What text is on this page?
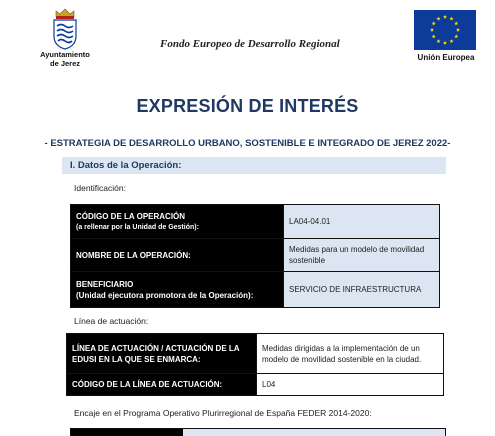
Ayuntamiento
de Jerez
Fondo Europeo de Desarrollo Regional
Unión Europea
EXPRESIÓN DE INTERÉS
- ESTRATEGIA DE DESARROLLO URBANO, SOSTENIBLE E INTEGRADO DE JEREZ 2022-
I. Datos de la Operación:
Identificación:
CÓDIGO DE LA OPERACIÓN
(a rellenar por la Unidad de Gestión):	LA04-04.01
NOMBRE DE LA OPERACIÓN:	Medidas para un modelo de movilidad sostenible

BENEFICIARIO
(Unidad ejecutora promotora de la Operación):	SERVICIO DE INFRAESTRUCTURA
Línea de actuación:
LÍNEA DE ACTUACIÓN / ACTUACIÓN DE LA EDUSI EN LA QUE SE ENMARCA:	Medidas dirigidas a la implementación de un modelo de movilidad sostenible en la ciudad.
CÓDIGO DE LA LÍNEA DE ACTUACIÓN:	L04
Encaje en el Programa Operativo Plurirregional de España FEDER 2014-2020:
